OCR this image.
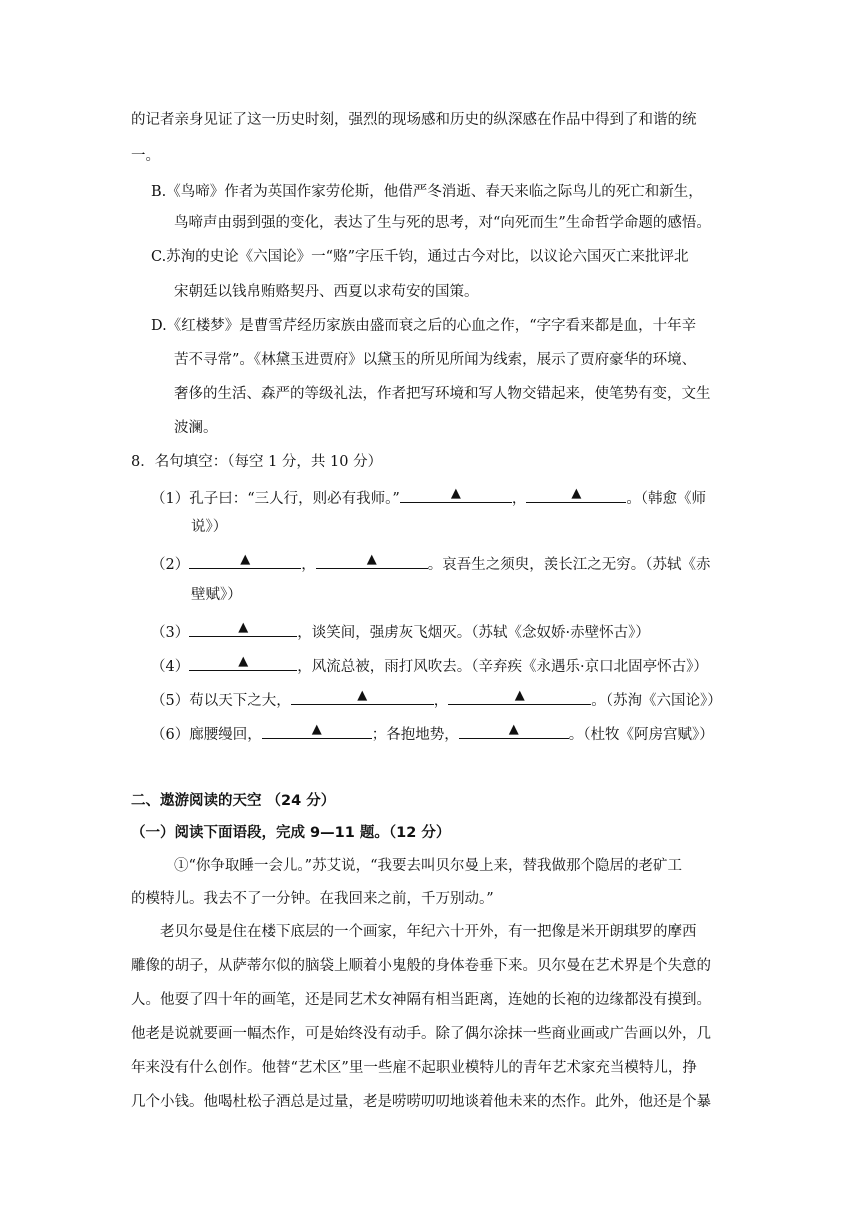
的记者亲身见证了这一历史时刻，强烈的现场感和历史的纵深感在作品中得到了和谐的统
一。
B.《鸟啼》作者为英国作家劳伦斯，他借严冬消逝、春天来临之际鸟儿的死亡和新生，
鸟啼声由弱到强的变化，表达了生与死的思考，对“向死而生”生命哲学命题的感悟。
C.苏洵的史论《六国论》一“赂”字压千钧，通过古今对比，以议论六国灭亡来批评北
宋朝廷以钱帛贿赂契丹、西夏以求苟安的国策。
D.《红楼梦》是曹雪芹经历家族由盛而衰之后的心血之作，“字字看来都是血，十年辛
苦不寻常”。《林黛玉进贾府》以黛玉的所见所闻为线索，展示了贾府豪华的环境、
奢侈的生活、森严的等级礼法，作者把写环境和写人物交错起来，使笔势有变，文生
波澜。
8．名句填空：（每空 1 分，共 10 分）
（1）孔子曰：“三人行，则必有我师。”	▲	，	▲	。（韩愈《师
说》）
（2）	▲	，	▲	。哀吾生之须臾，羡长江之无穷。（苏轼《赤
壁赋》）
（3）	▲	，谈笑间，强虏灰飞烟灭。（苏轼《念奴娇·赤壁怀古》）
（4）	▲	，风流总被，雨打风吹去。（辛弃疾《永遇乐·京口北固亭怀古》）
（5）苟以天下之大，	▲	，	▲	。（苏洵《六国论》）
（6）廊腰缦回，	▲	；各抱地势，	▲	。（杜牧《阿房宫赋》）
二、遨游阅读的天空 （24 分）
（一）阅读下面语段，完成 9—11 题。（12 分）
①“你争取睡一会儿。”苏艾说，“我要去叫贝尔曼上来，替我做那个隐居的老矿工
的模特儿。我去不了一分钟。在我回来之前，千万别动。”
老贝尔曼是住在楼下底层的一个画家，年纪六十开外，有一把像是米开朗琪罗的摩西
雕像的胡子，从萨蒂尔似的脑袋上顺着小鬼般的身体卷垂下来。贝尔曼在艺术界是个失意的
人。他耍了四十年的画笔，还是同艺术女神隔有相当距离，连她的长袍的边缘都没有摸到。
他老是说就要画一幅杰作，可是始终没有动手。除了偶尔涂抹一些商业画或广告画以外，几
年来没有什么创作。他替“艺术区”里一些雇不起职业模特儿的青年艺术家充当模特儿，挣
几个小钱。他喝杜松子酒总是过量，老是唠唠叨叨地谈着他未来的杰作。此外，他还是个暴
